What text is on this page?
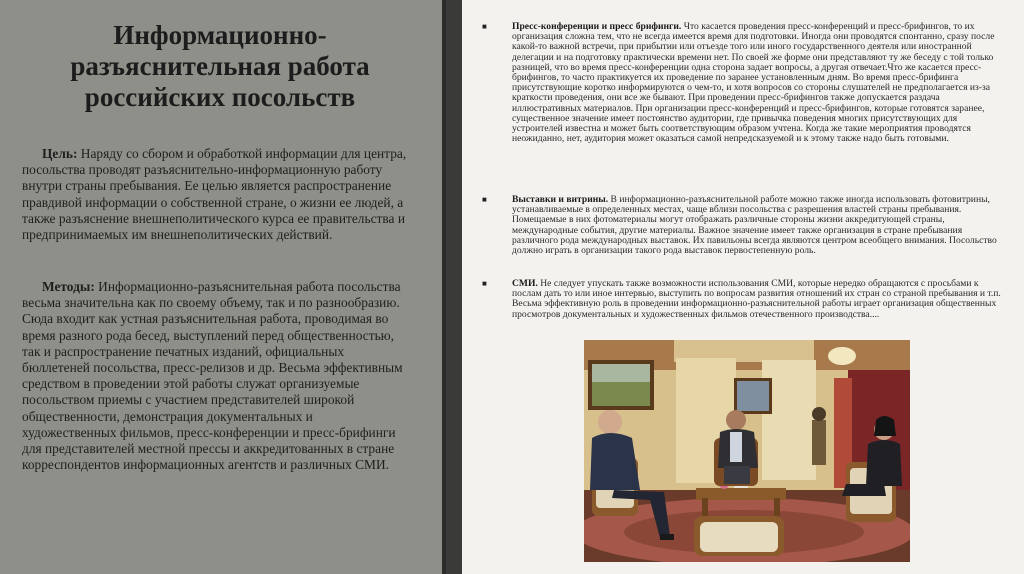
Информационно-разъяснительная работа российских посольств

Цель: Наряду со сбором и обработкой информации для центра, посольства проводят разъяснительно-информационную работу внутри страны пребывания. Ее целью является распространение правдивой информации о собственной стране, о жизни ее людей, а также разъяснение внешнеполитического курса ее правительства и предпринимаемых им внешнеполитических действий.

Методы: Информационно-разъяснительная работа посольства весьма значительна как по своему объему, так и по разнообразию. Сюда входит как устная разъяснительная работа, проводимая во время разного рода бесед, выступлений перед общественностью, так и распространение печатных изданий, официальных бюллетеней посольства, пресс-релизов и др. Весьма эффективным средством в проведении этой работы служат организуемые посольством приемы с участием представителей широкой общественности, демонстрация документальных и художественных фильмов, пресс-конференции и пресс-брифинги для представителей местной прессы и аккредитованных в стране корреспондентов информационных агентств и различных СМИ.

■	Пресс-конференции и пресс брифинги. Что касается проведения пресс-конференций и пресс-брифингов, то их организация сложна тем, что не всегда имеется время для подготовки. Иногда они проводятся спонтанно, сразу после какой-то важной встречи, при прибытии или отъезде того или иного государственного деятеля или иностранной делегации и на подготовку практически времени нет. По своей же форме они представляют ту же беседу с той только разницей, что во время пресс-конференции одна сторона задает вопросы, а другая отвечает.Что же касается пресс-брифингов, то часто практикуется их проведение по заранее установленным дням. Во время пресс-брифинга присутствующие коротко информируются о чем-то, и хотя вопросов со стороны слушателей не предполагается из-за краткости проведения, они все же бывают. При проведении пресс-брифингов также допускается раздача иллюстративных материалов. При организации пресс-конференций и пресс-брифингов, которые готовятся заранее, существенное значение имеет постоянство аудитории, где привычка поведения многих присутствующих для устроителей известна и может быть соответствующим образом учтена. Когда же такие мероприятия проводятся неожиданно, нет, аудитория может оказаться самой непредсказуемой и к этому также надо быть готовыми.
■	Выставки и витрины. В информационно-разъяснительной работе можно также иногда использовать фотовитрины, устанавливаемые в определенных местах, чаще вблизи посольства с разрешения властей страны пребывания. Помещаемые в них фотоматериалы могут отображать различные стороны жизни аккредитующей страны, международные события, другие материалы. Важное значение имеет также организация в стране пребывания различного рода международных выставок. Их павильоны всегда являются центром всеобщего внимания. Посольство должно играть в организации такого рода выставок первостепенную роль.
■	СМИ. Не следует упускать также возможности использования СМИ, которые нередко обращаются с просьбами к послам дать то или иное интервью, выступить по вопросам развития отношений их стран со страной пребывания и т.п. Весьма эффективную роль в проведении информационно-разъяснительной работы играет организация общественных просмотров документальных и художественных фильмов отечественного производства....
